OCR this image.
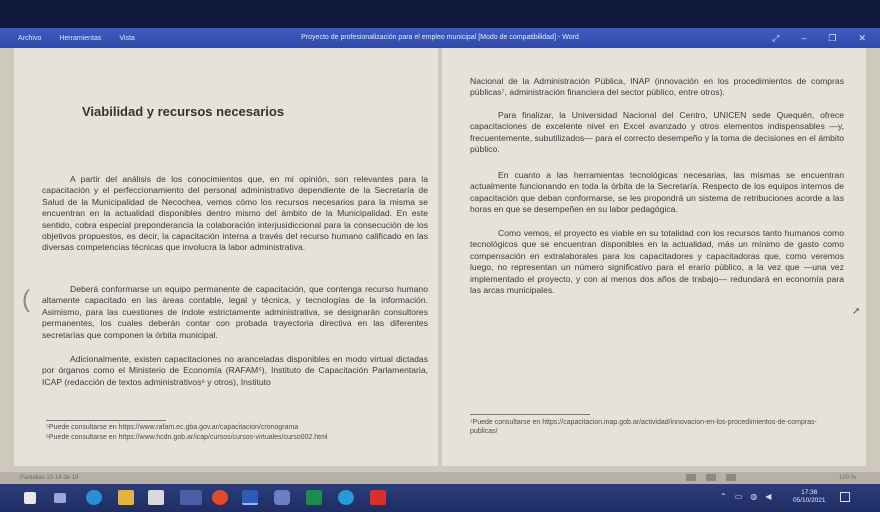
Archivo	Herramientas	Vista	Proyecto de profesionalización para el empleo municipal [Modo de compatibilidad] - Word	⤢ – ❐ ✕
Viabilidad y recursos necesarios

A partir del análisis de los conocimientos que, en mi opinión, son relevantes para la capacitación y el perfeccionamiento del personal administrativo dependiente de la Secretaría de Salud de la Municipalidad de Necochea, vemos cómo los recursos necesarios para la misma se encuentran en la actualidad disponibles dentro mismo del ámbito de la Municipalidad. En este sentido, cobra especial preponderancia la colaboración interjusidiccional para la consecución de los objetivos propuestos, es decir, la capacitación interna a través del recurso humano calificado en las diversas competencias técnicas que involucra la labor administrativa.

Deberá conformarse un equipo permanente de capacitación, que contenga recurso humano altamente capacitado en las áreas contable, legal y técnica, y tecnologías de la información. Asimismo, para las cuestiones de índole estrictamente administrativa, se designarán consultores permanentes, los cuales deberán contar con probada trayectoria directiva en las diferentes secretarías que componen la órbita municipal.

Adicionalmente, existen capacitaciones no aranceladas disponibles en modo virtual dictadas por órganos como el Ministerio de Economía (RAFAM⁵), Instituto de Capacitación Parlamentaria, ICAP (redacción de textos administrativos⁶ y otros), Instituto

⁵Puede consultarse en https://www.rafam.ec.gba.gov.ar/capacitacion/cronograma
⁶Puede consultarse en https://www.hcdn.gob.ar/icap/cursos/cursos-virtuales/curso002.html

Nacional de la Administración Pública, INAP (innovación en los procedimientos de compras públicas⁷, administración financiera del sector público, entre otros).

Para finalizar, la Universidad Nacional del Centro, UNICEN sede Quequén, ofrece capacitaciones de excelente nivel en Excel avanzado y otros elementos indispensables —y, frecuentemente, subutilizados— para el correcto desempeño y la toma de decisiones en el ámbito público.

En cuanto a las herramientas tecnológicas necesarias, las mismas se encuentran actualmente funcionando en toda la órbita de la Secretaría. Respecto de los equipos internos de capacitación que deban conformarse, se les propondrá un sistema de retribuciones acorde a las horas en que se desempeñen en su labor pedagógica.

Como vemos, el proyecto es viable en su totalidad con los recursos tanto humanos como tecnológicos que se encuentran disponibles en la actualidad, más un mínimo de gasto como compensación en extralaborales para los capacitadores y capacitadoras que, como veremos luego, no representan un número significativo para el erario público, a la vez que —una vez implementado el proyecto, y con al menos dos años de trabajo— redundará en economía para las arcas municipales.

⁷Puede consultarse en https://capacitacion.inap.gob.ar/actividad/innovacion-en-los-procedimientos-de-compras-publicas/
(	➚
Pantallas 13-14 de 19	100 %
⌃ ▭ ◍ ◀	17:36
05/10/2021
